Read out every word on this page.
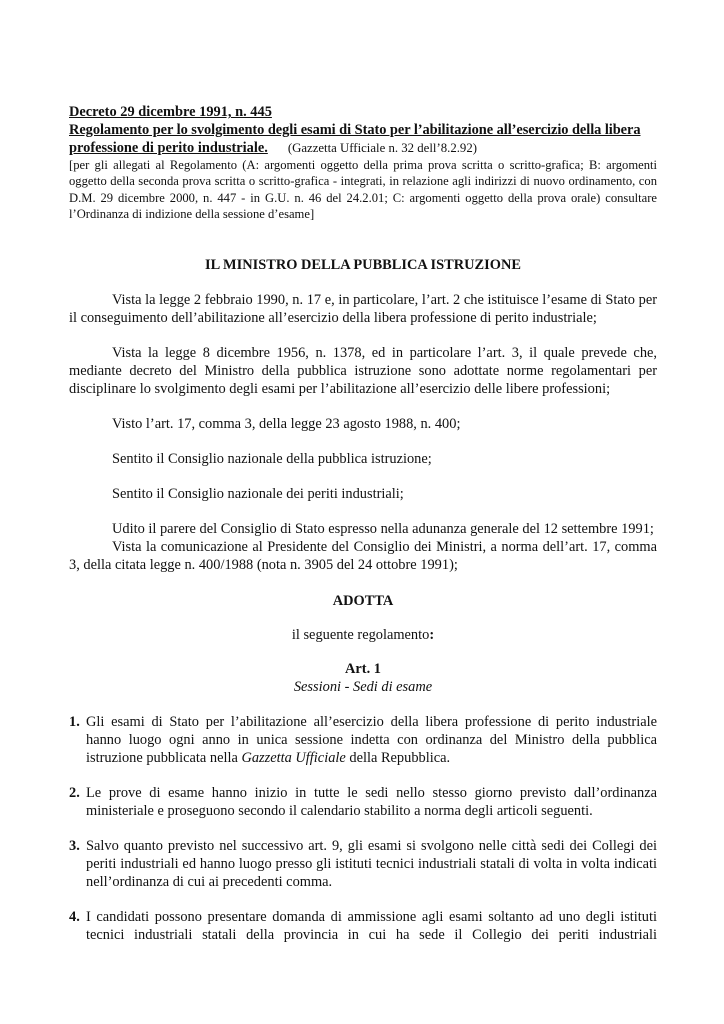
Decreto 29 dicembre 1991, n. 445
Regolamento per lo svolgimento degli esami di Stato per l’abilitazione all’esercizio della libera
professione di perito industriale. (Gazzetta Ufficiale n. 32 dell’8.2.92)

[per gli allegati al Regolamento (A: argomenti oggetto della prima prova scritta o scritto-grafica; B: argomenti oggetto della seconda prova scritta o scritto-grafica - integrati, in relazione agli indirizzi di nuovo ordinamento, con D.M. 29 dicembre 2000, n. 447 - in G.U. n. 46 del 24.2.01; C: argomenti oggetto della prova orale) consultare l’Ordinanza di indizione della sessione d’esame]

IL MINISTRO DELLA PUBBLICA ISTRUZIONE

Vista la legge 2 febbraio 1990, n. 17 e, in particolare, l’art. 2 che istituisce l’esame di Stato per il conseguimento dell’abilitazione all’esercizio della libera professione di perito industriale;

Vista la legge 8 dicembre 1956, n. 1378, ed in particolare l’art. 3, il quale prevede che, mediante decreto del Ministro della pubblica istruzione sono adottate norme regolamentari per disciplinare lo svolgimento degli esami per l’abilitazione all’esercizio delle libere professioni;

Visto l’art. 17, comma 3, della legge 23 agosto 1988, n. 400;

Sentito il Consiglio nazionale della pubblica istruzione;

Sentito il Consiglio nazionale dei periti industriali;

Udito il parere del Consiglio di Stato espresso nella adunanza generale del 12 settembre 1991;

Vista la comunicazione al Presidente del Consiglio dei Ministri, a norma dell’art. 17, comma 3, della citata legge n. 400/1988 (nota n. 3905 del 24 ottobre 1991);

ADOTTA
il seguente regolamento:
Art. 1
Sessioni - Sedi di esame
1. Gli esami di Stato per l’abilitazione all’esercizio della libera professione di perito industriale hanno luogo ogni anno in unica sessione indetta con ordinanza del Ministro della pubblica istruzione pubblicata nella Gazzetta Ufficiale della Repubblica.
2. Le prove di esame hanno inizio in tutte le sedi nello stesso giorno previsto dall’ordinanza ministeriale e proseguono secondo il calendario stabilito a norma degli articoli seguenti.
3. Salvo quanto previsto nel successivo art. 9, gli esami si svolgono nelle città sedi dei Collegi dei periti industriali ed hanno luogo presso gli istituti tecnici industriali statali di volta in volta indicati nell’ordinanza di cui ai precedenti comma.
4. I candidati possono presentare domanda di ammissione agli esami soltanto ad uno degli istituti tecnici industriali statali della provincia in cui ha sede il Collegio dei periti industriali
